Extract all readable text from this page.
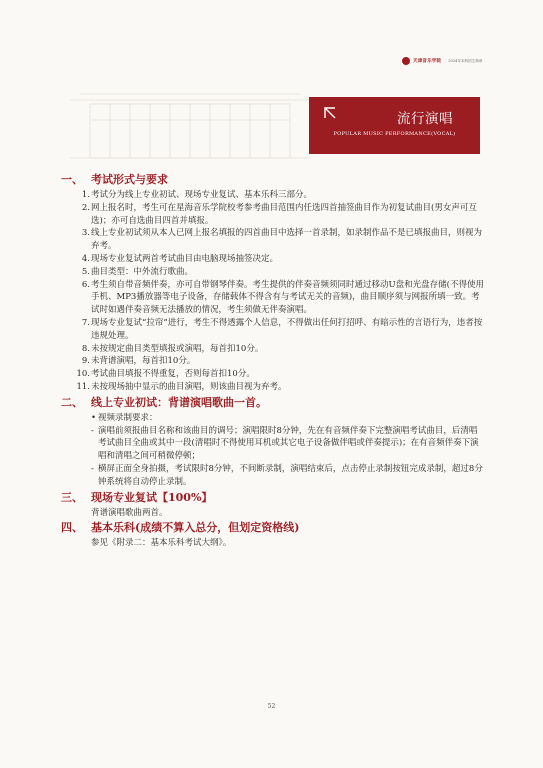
天津音乐学院 2024年本科招生简章
流行演唱
POPULAR MUSIC PERFORMANCE(VOCAL)
一、 考试形式与要求
1. 考试分为线上专业初试、现场专业复试、基本乐科三部分。
2. 网上报名时，考生可在星海音乐学院校考参考曲目范围内任选四首抽签曲目作为初复试曲目(男女声可互选)；亦可自选曲目四首并填报。
3. 线上专业初试须从本人已网上报名填报的四首曲目中选择一首录制，如录制作品不是已填报曲目，则视为弃考。
4. 现场专业复试两首考试曲目由电脑现场抽签决定。
5. 曲目类型：中外流行歌曲。
6. 考生须自带音频伴奏，亦可自带钢琴伴奏。考生提供的伴奏音频须同时通过移动U盘和光盘存储(不得使用手机、MP3播放器等电子设备，存储载体不得含有与考试无关的音频)，曲目顺序须与网报所填一致。考试时如遇伴奏音频无法播放的情况，考生须做无伴奏演唱。
7. 现场专业复试“拉帘”进行，考生不得透露个人信息，不得做出任何打招呼、有暗示性的言语行为，违者按违规处理。
8. 未按规定曲目类型填报或演唱，每首扣10分。
9. 未背谱演唱，每首扣10分。
10. 考试曲目填报不得重复，否则每首扣10分。
11. 未按现场抽中显示的曲目演唱，则该曲目视为弃考。
二、 线上专业初试：背谱演唱歌曲一首。
• 视频录制要求：
- 演唱前须报曲目名称和该曲目的调号；演唱限时8分钟，先在有音频伴奏下完整演唱考试曲目，后清唱考试曲目全曲或其中一段(清唱时不得使用耳机或其它电子设备做伴唱或伴奏提示)；在有音频伴奏下演唱和清唱之间可稍微停顿；
- 横屏正面全身拍摄，考试限时8分钟，不间断录制，演唱结束后，点击停止录制按钮完成录制，超过8分钟系统将自动停止录制。
三、 现场专业复试【100%】
背谱演唱歌曲两首。
四、 基本乐科(成绩不算入总分，但划定资格线)
参见《附录二：基本乐科考试大纲》。
52
